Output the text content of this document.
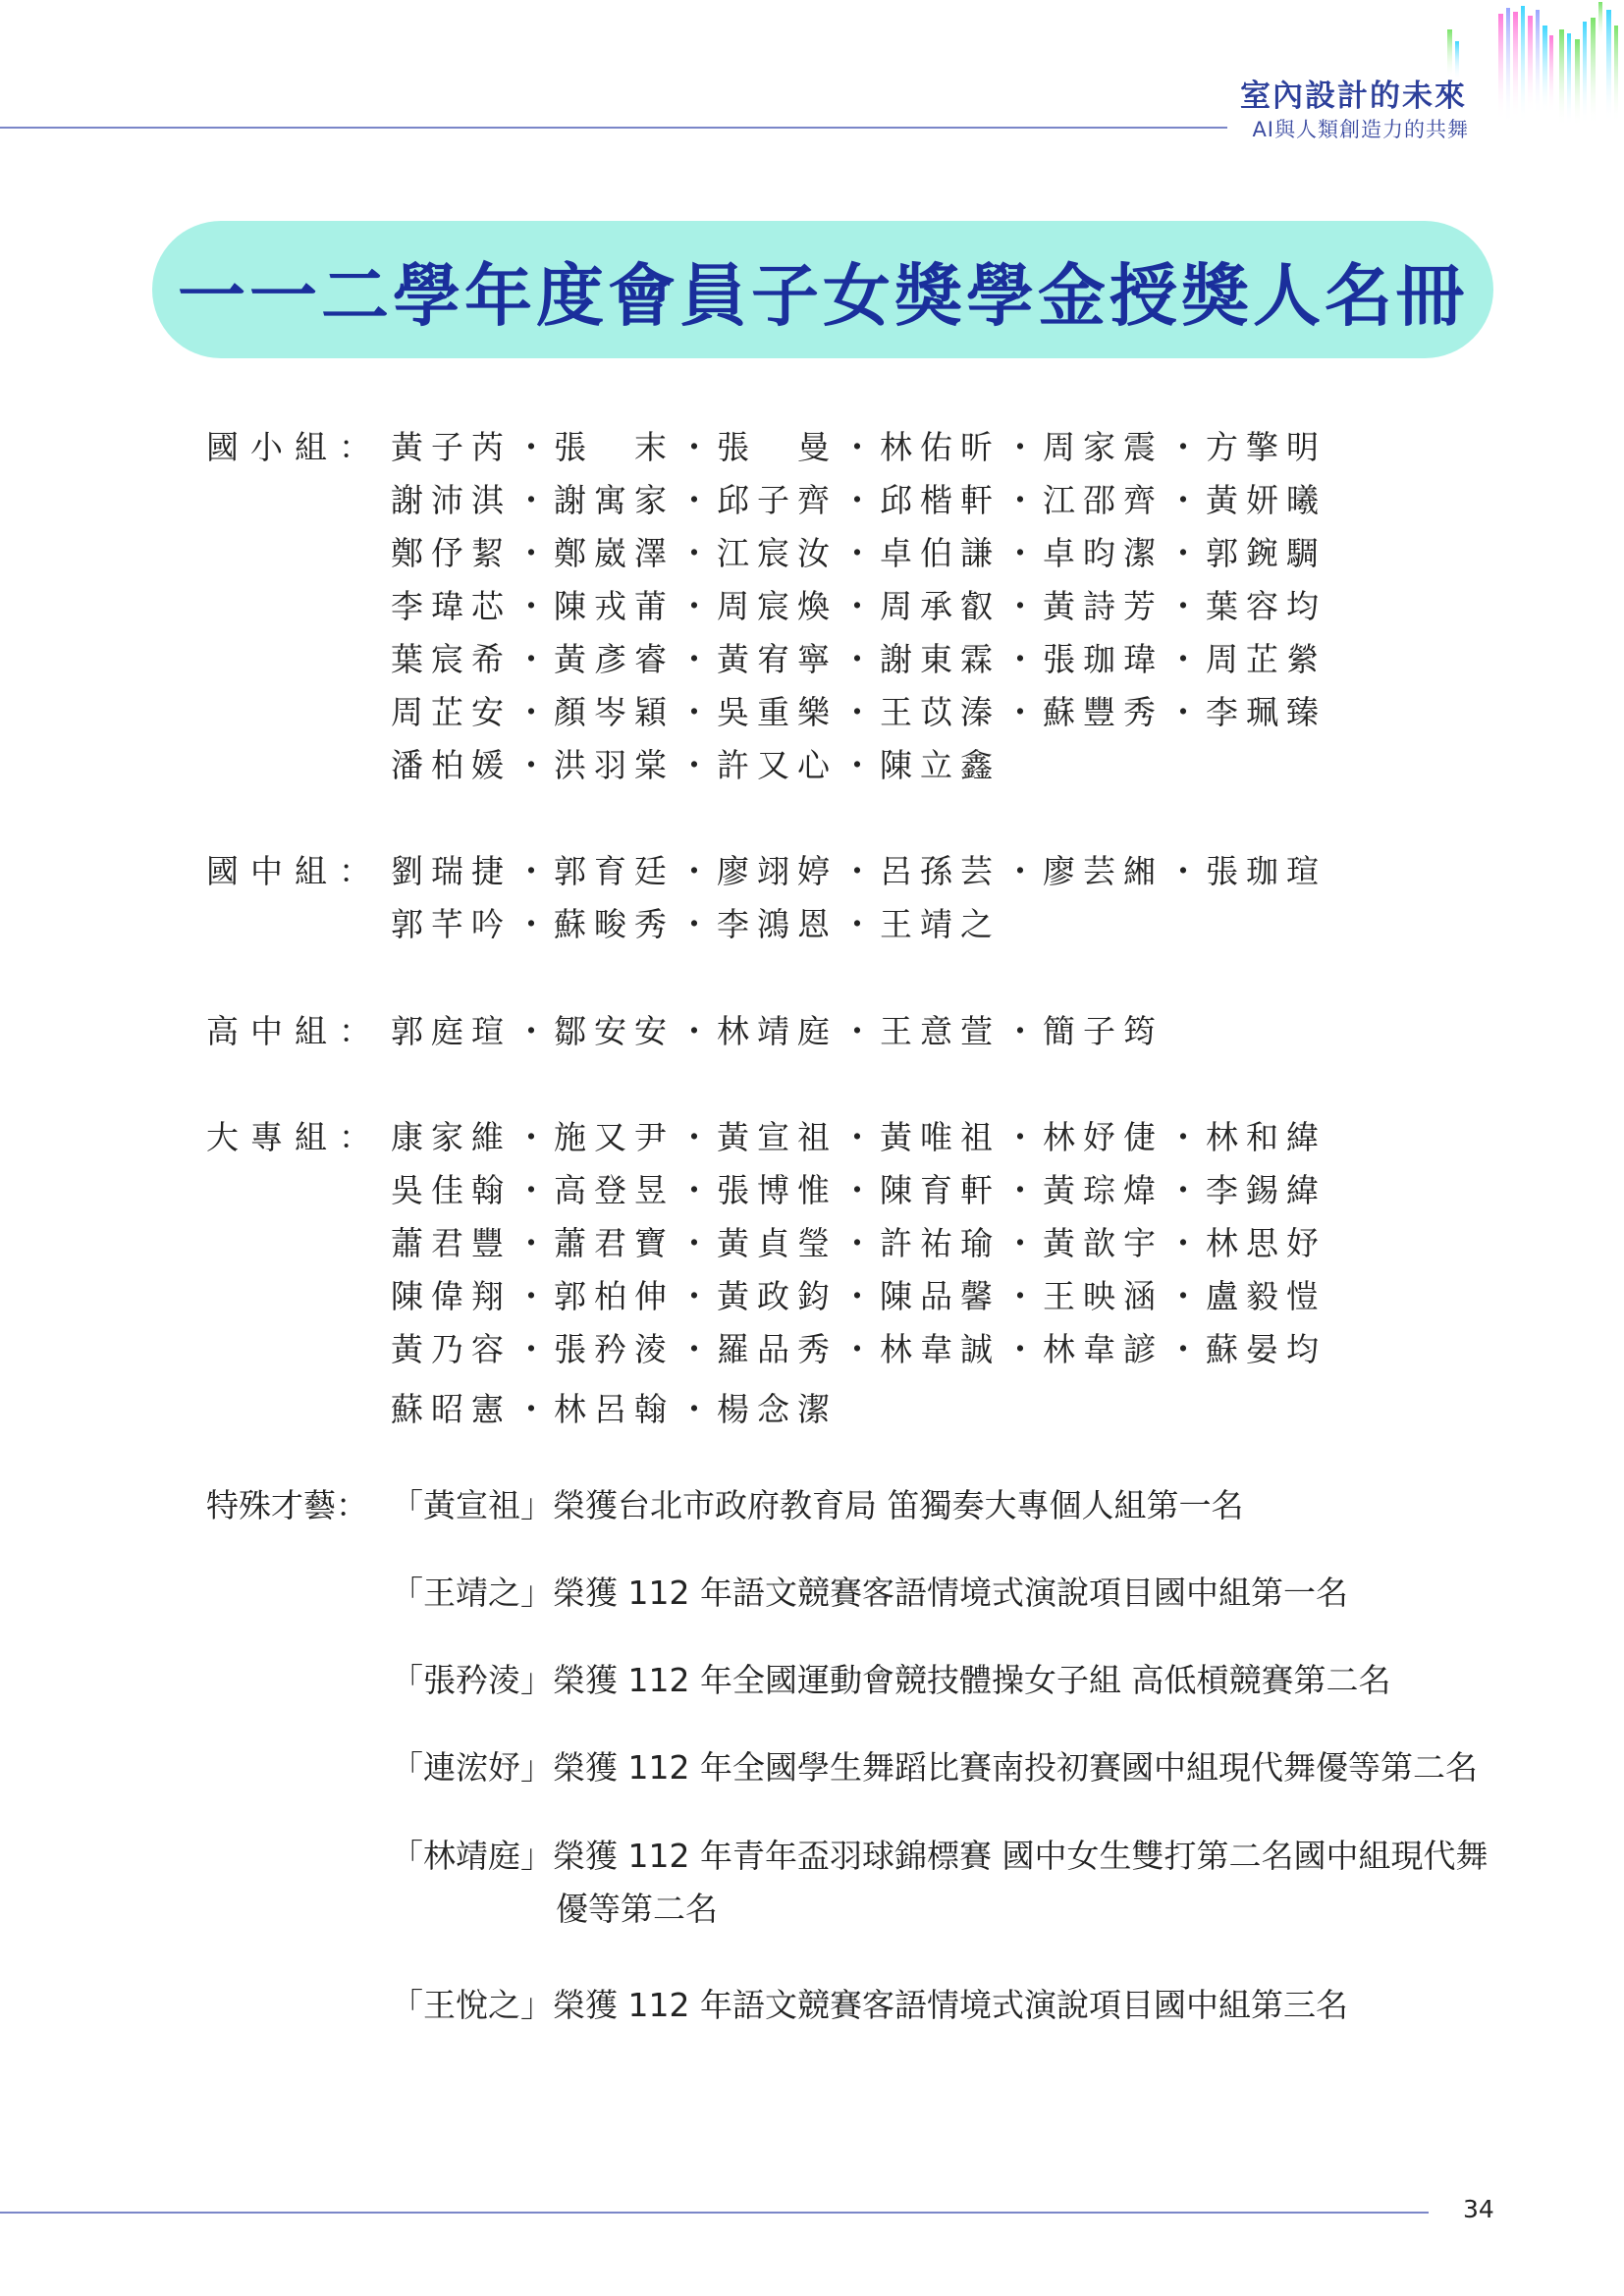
室內設計的未來
AI與人類創造力的共舞
一一二學年度會員子女獎學金授獎人名冊
國小組： 黃子芮 ・ 張　末 ・ 張　曼 ・ 林佑昕 ・ 周家震 ・ 方擎明
謝沛淇 ・ 謝寓家 ・ 邱子齊 ・ 邱楷軒 ・ 江邵齊 ・ 黃妍曦
鄭伃絜 ・ 鄭崴澤 ・ 江宸汝 ・ 卓伯謙 ・ 卓昀潔 ・ 郭鋺騆
李瑋芯 ・ 陳戎莆 ・ 周宸煥 ・ 周承叡 ・ 黃詩芳 ・ 葉容均
葉宸希 ・ 黃彥睿 ・ 黃宥寧 ・ 謝東霖 ・ 張珈瑋 ・ 周芷縈
周芷安 ・ 顏岑穎 ・ 吳重樂 ・ 王苡溱 ・ 蘇豐秀 ・ 李珮臻
潘柏媛 ・ 洪羽棠 ・ 許又心 ・ 陳立鑫
國中組： 劉瑞捷 ・ 郭育廷 ・ 廖翊婷 ・ 呂孫芸 ・ 廖芸緗 ・ 張珈瑄
郭芊吟 ・ 蘇畯秀 ・ 李鴻恩 ・ 王靖之
高中組： 郭庭瑄 ・ 鄒安安 ・ 林靖庭 ・ 王意萱 ・ 簡子筠
大專組： 康家維 ・ 施又尹 ・ 黃宣祖 ・ 黃唯祖 ・ 林妤倢 ・ 林和緯
吳佳翰 ・ 高登昱 ・ 張博惟 ・ 陳育軒 ・ 黃琮煒 ・ 李錫緯
蕭君豐 ・ 蕭君寶 ・ 黃貞瑩 ・ 許祐瑜 ・ 黃歆宇 ・ 林思妤
陳偉翔 ・ 郭柏伸 ・ 黃政鈞 ・ 陳品馨 ・ 王映涵 ・ 盧毅愷
黃乃容 ・ 張矜淩 ・ 羅品秀 ・ 林韋誠 ・ 林韋諺 ・ 蘇晏均
蘇昭憲 ・ 林呂翰 ・ 楊念潔
特殊才藝： 「黃宣祖」榮獲台北市政府教育局 笛獨奏大專個人組第一名
「王靖之」榮獲 112 年語文競賽客語情境式演說項目國中組第一名
「張矜淩」榮獲 112 年全國運動會競技體操女子組 高低槓競賽第二名
「連浤妤」榮獲 112 年全國學生舞蹈比賽南投初賽國中組現代舞優等第二名
「林靖庭」榮獲 112 年青年盃羽球錦標賽 國中女生雙打第二名國中組現代舞
優等第二名
「王悅之」榮獲 112 年語文競賽客語情境式演說項目國中組第三名
34
